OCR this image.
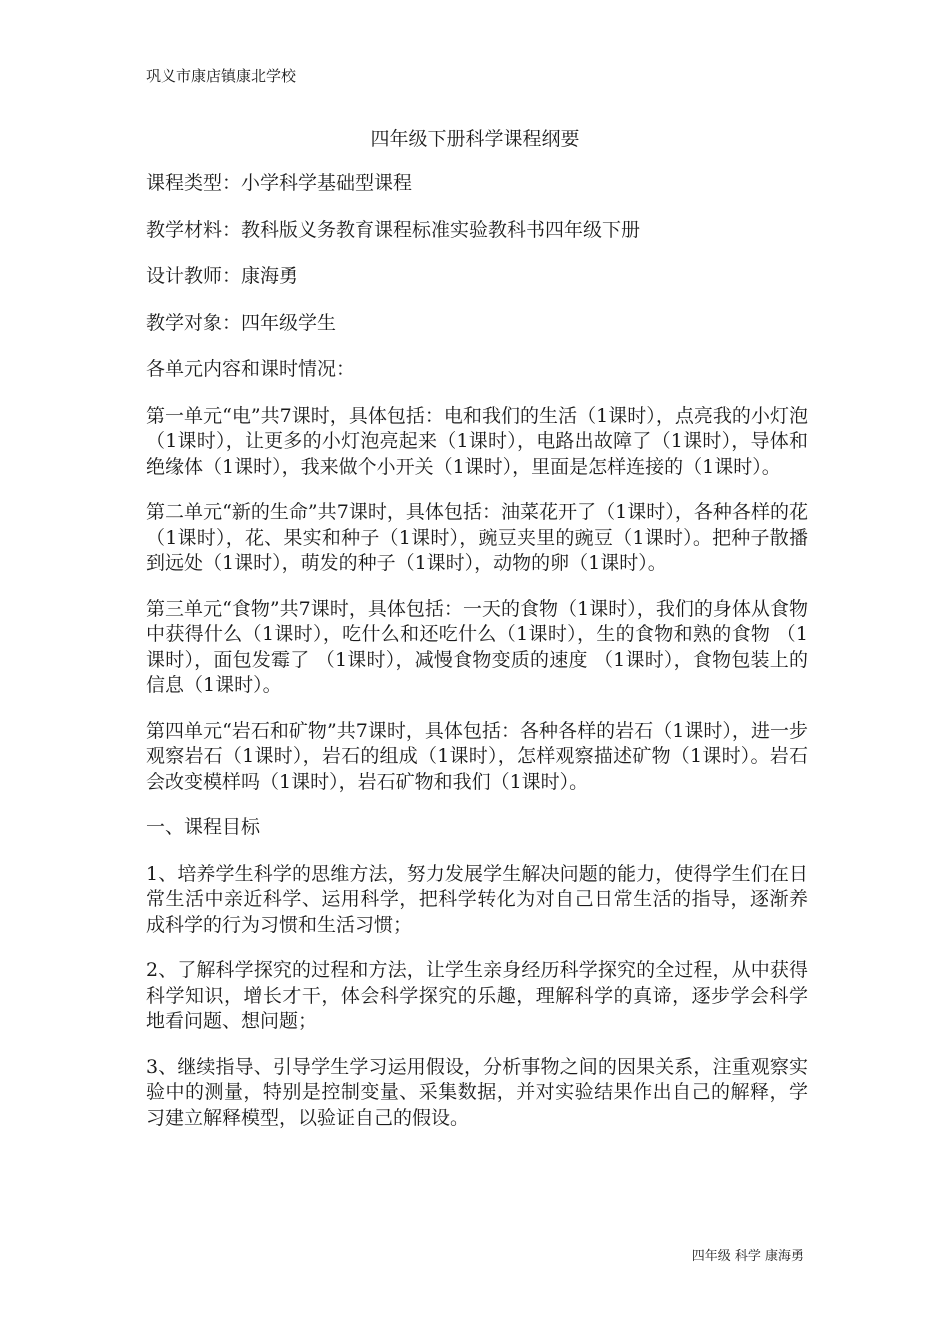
巩义市康店镇康北学校
四年级下册科学课程纲要

课程类型：小学科学基础型课程

教学材料：教科版义务教育课程标准实验教科书四年级下册

设计教师：康海勇

教学对象：四年级学生

各单元内容和课时情况：

第一单元“电”共7课时，具体包括：电和我们的生活（1课时），点亮我的小灯泡（1课时），让更多的小灯泡亮起来（1课时），电路出故障了（1课时），导体和绝缘体（1课时），我来做个小开关（1课时），里面是怎样连接的（1课时）。

第二单元“新的生命”共7课时，具体包括：油菜花开了（1课时），各种各样的花（1课时），花、果实和种子（1课时），豌豆夹里的豌豆（1课时）。把种子散播到远处（1课时），萌发的种子（1课时），动物的卵（1课时）。

第三单元“食物”共7课时，具体包括：一天的食物（1课时），我们的身体从食物中获得什么（1课时），吃什么和还吃什么（1课时），生的食物和熟的食物 （1课时），面包发霉了 （1课时），减慢食物变质的速度 （1课时），食物包装上的信息（1课时）。

第四单元“岩石和矿物”共7课时，具体包括：各种各样的岩石（1课时），进一步观察岩石（1课时），岩石的组成（1课时），怎样观察描述矿物（1课时）。岩石会改变模样吗（1课时），岩石矿物和我们（1课时）。

一、课程目标

1、培养学生科学的思维方法，努力发展学生解决问题的能力，使得学生们在日常生活中亲近科学、运用科学，把科学转化为对自己日常生活的指导，逐渐养成科学的行为习惯和生活习惯；

2、了解科学探究的过程和方法，让学生亲身经历科学探究的全过程，从中获得科学知识，增长才干，体会科学探究的乐趣，理解科学的真谛，逐步学会科学地看问题、想问题；

3、继续指导、引导学生学习运用假设，分析事物之间的因果关系，注重观察实验中的测量，特别是控制变量、采集数据，并对实验结果作出自己的解释，学习建立解释模型，以验证自己的假设。

四年级 科学 康海勇
